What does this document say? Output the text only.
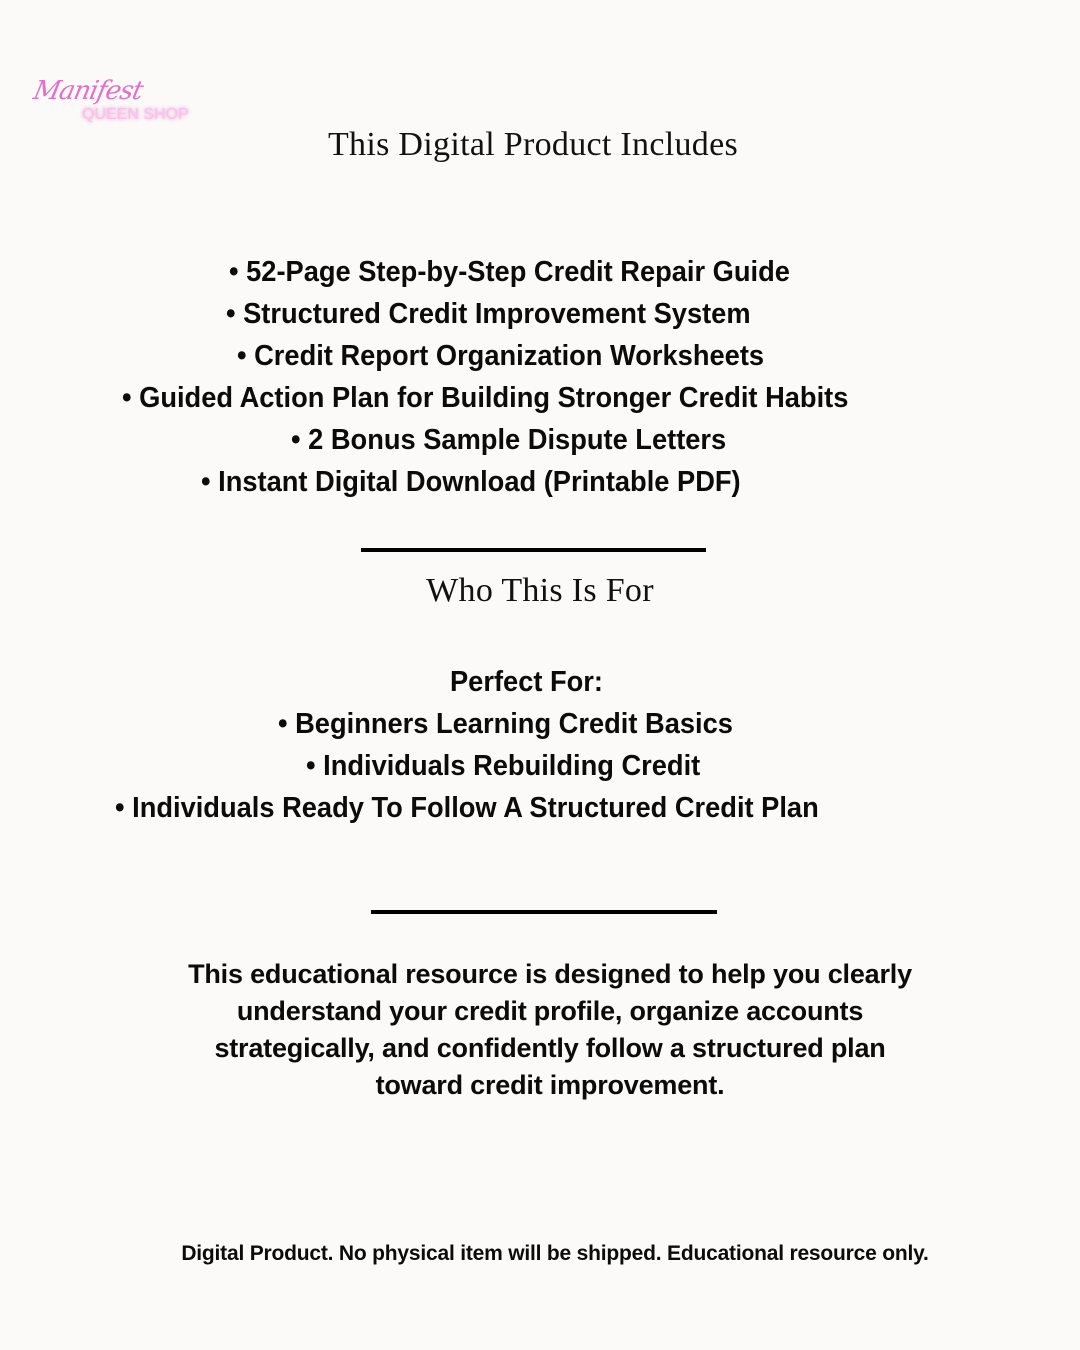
Manifest
QUEEN SHOP
This Digital Product Includes
• 52-Page Step-by-Step Credit Repair Guide
• Structured Credit Improvement System
• Credit Report Organization Worksheets
• Guided Action Plan for Building Stronger Credit Habits
• 2 Bonus Sample Dispute Letters
• Instant Digital Download (Printable PDF)
Who This Is For
Perfect For:
• Beginners Learning Credit Basics
• Individuals Rebuilding Credit
• Individuals Ready To Follow A Structured Credit Plan
This educational resource is designed to help you clearly
understand your credit profile, organize accounts
strategically, and confidently follow a structured plan
toward credit improvement.
Digital Product. No physical item will be shipped. Educational resource only.
